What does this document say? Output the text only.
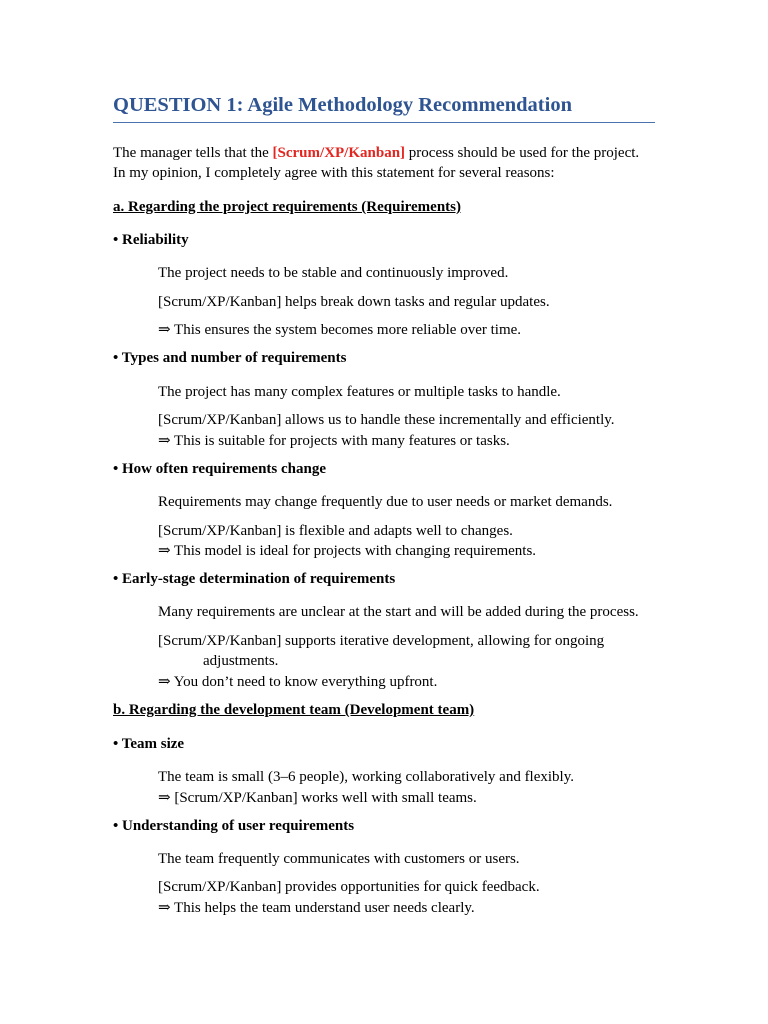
QUESTION 1: Agile Methodology Recommendation
The manager tells that the [Scrum/XP/Kanban] process should be used for the project.
In my opinion, I completely agree with this statement for several reasons:
a. Regarding the project requirements (Requirements)
• Reliability
The project needs to be stable and continuously improved.
[Scrum/XP/Kanban] helps break down tasks and regular updates.
⇒ This ensures the system becomes more reliable over time.
• Types and number of requirements
The project has many complex features or multiple tasks to handle.
[Scrum/XP/Kanban] allows us to handle these incrementally and efficiently.
⇒ This is suitable for projects with many features or tasks.
• How often requirements change
Requirements may change frequently due to user needs or market demands.
[Scrum/XP/Kanban] is flexible and adapts well to changes.
⇒ This model is ideal for projects with changing requirements.
• Early-stage determination of requirements
Many requirements are unclear at the start and will be added during the process.
[Scrum/XP/Kanban] supports iterative development, allowing for ongoing
adjustments.
⇒ You don’t need to know everything upfront.
b. Regarding the development team (Development team)
• Team size
The team is small (3–6 people), working collaboratively and flexibly.
⇒ [Scrum/XP/Kanban] works well with small teams.
• Understanding of user requirements
The team frequently communicates with customers or users.
[Scrum/XP/Kanban] provides opportunities for quick feedback.
⇒ This helps the team understand user needs clearly.
